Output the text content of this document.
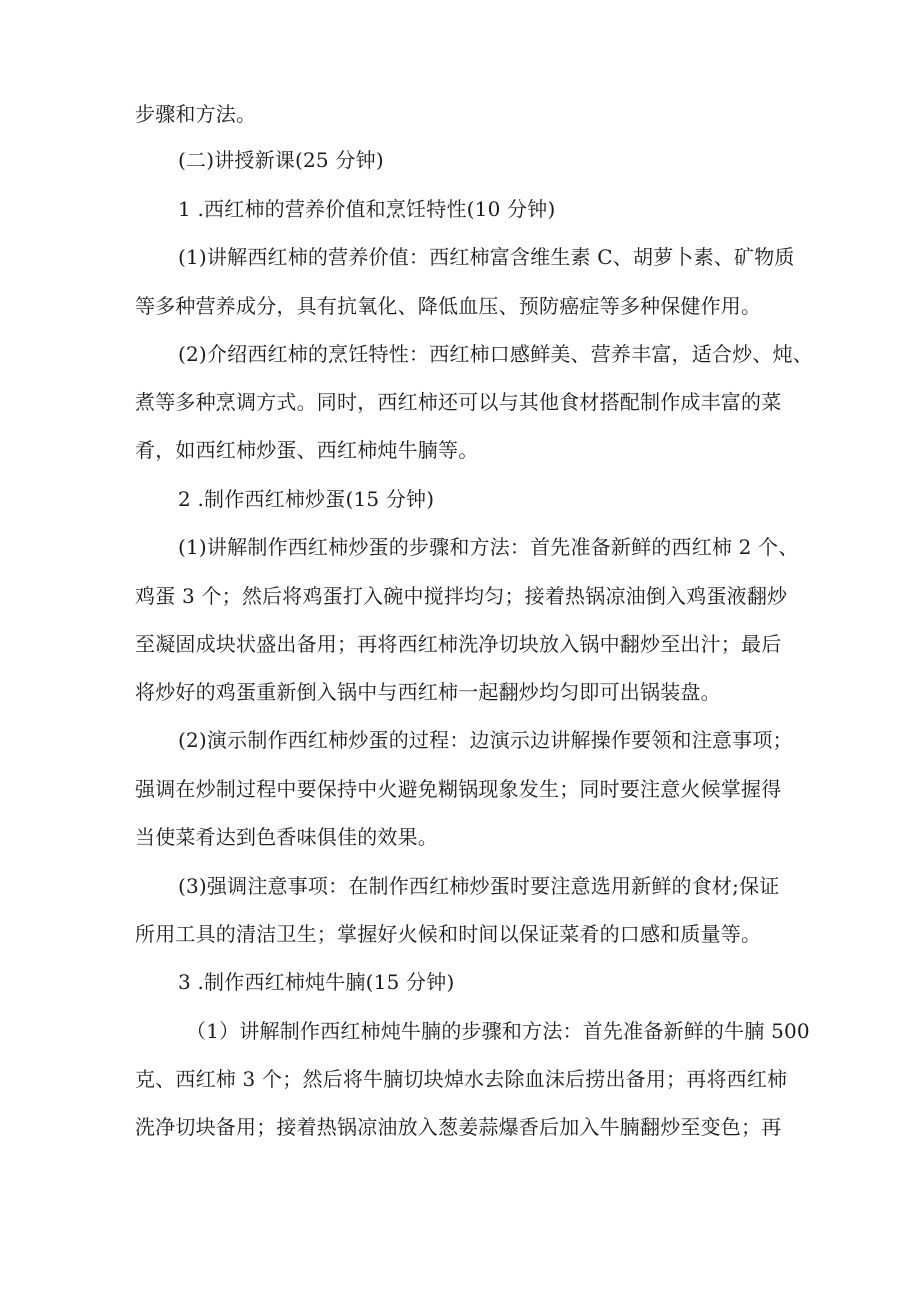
步骤和方法。

(二)讲授新课(25 分钟)

1 .西红柿的营养价值和烹饪特性(10 分钟)

(1)讲解西红柿的营养价值：西红柿富含维生素 C、胡萝卜素、矿物质

等多种营养成分，具有抗氧化、降低血压、预防癌症等多种保健作用。

(2)介绍西红柿的烹饪特性：西红柿口感鲜美、营养丰富，适合炒、炖、

煮等多种烹调方式。同时，西红柿还可以与其他食材搭配制作成丰富的菜

肴，如西红柿炒蛋、西红柿炖牛腩等。

2 .制作西红柿炒蛋(15 分钟)

(1)讲解制作西红柿炒蛋的步骤和方法：首先准备新鲜的西红柿 2 个、

鸡蛋 3 个；然后将鸡蛋打入碗中搅拌均匀；接着热锅凉油倒入鸡蛋液翻炒

至凝固成块状盛出备用；再将西红柿洗净切块放入锅中翻炒至出汁；最后

将炒好的鸡蛋重新倒入锅中与西红柿一起翻炒均匀即可出锅装盘。

(2)演示制作西红柿炒蛋的过程：边演示边讲解操作要领和注意事项；

强调在炒制过程中要保持中火避免糊锅现象发生；同时要注意火候掌握得

当使菜肴达到色香味俱佳的效果。

(3)强调注意事项：在制作西红柿炒蛋时要注意选用新鲜的食材;保证

所用工具的清洁卫生；掌握好火候和时间以保证菜肴的口感和质量等。

3 .制作西红柿炖牛腩(15 分钟)

（1）讲解制作西红柿炖牛腩的步骤和方法：首先准备新鲜的牛腩 500

克、西红柿 3 个；然后将牛腩切块焯水去除血沫后捞出备用；再将西红柿

洗净切块备用；接着热锅凉油放入葱姜蒜爆香后加入牛腩翻炒至变色；再
